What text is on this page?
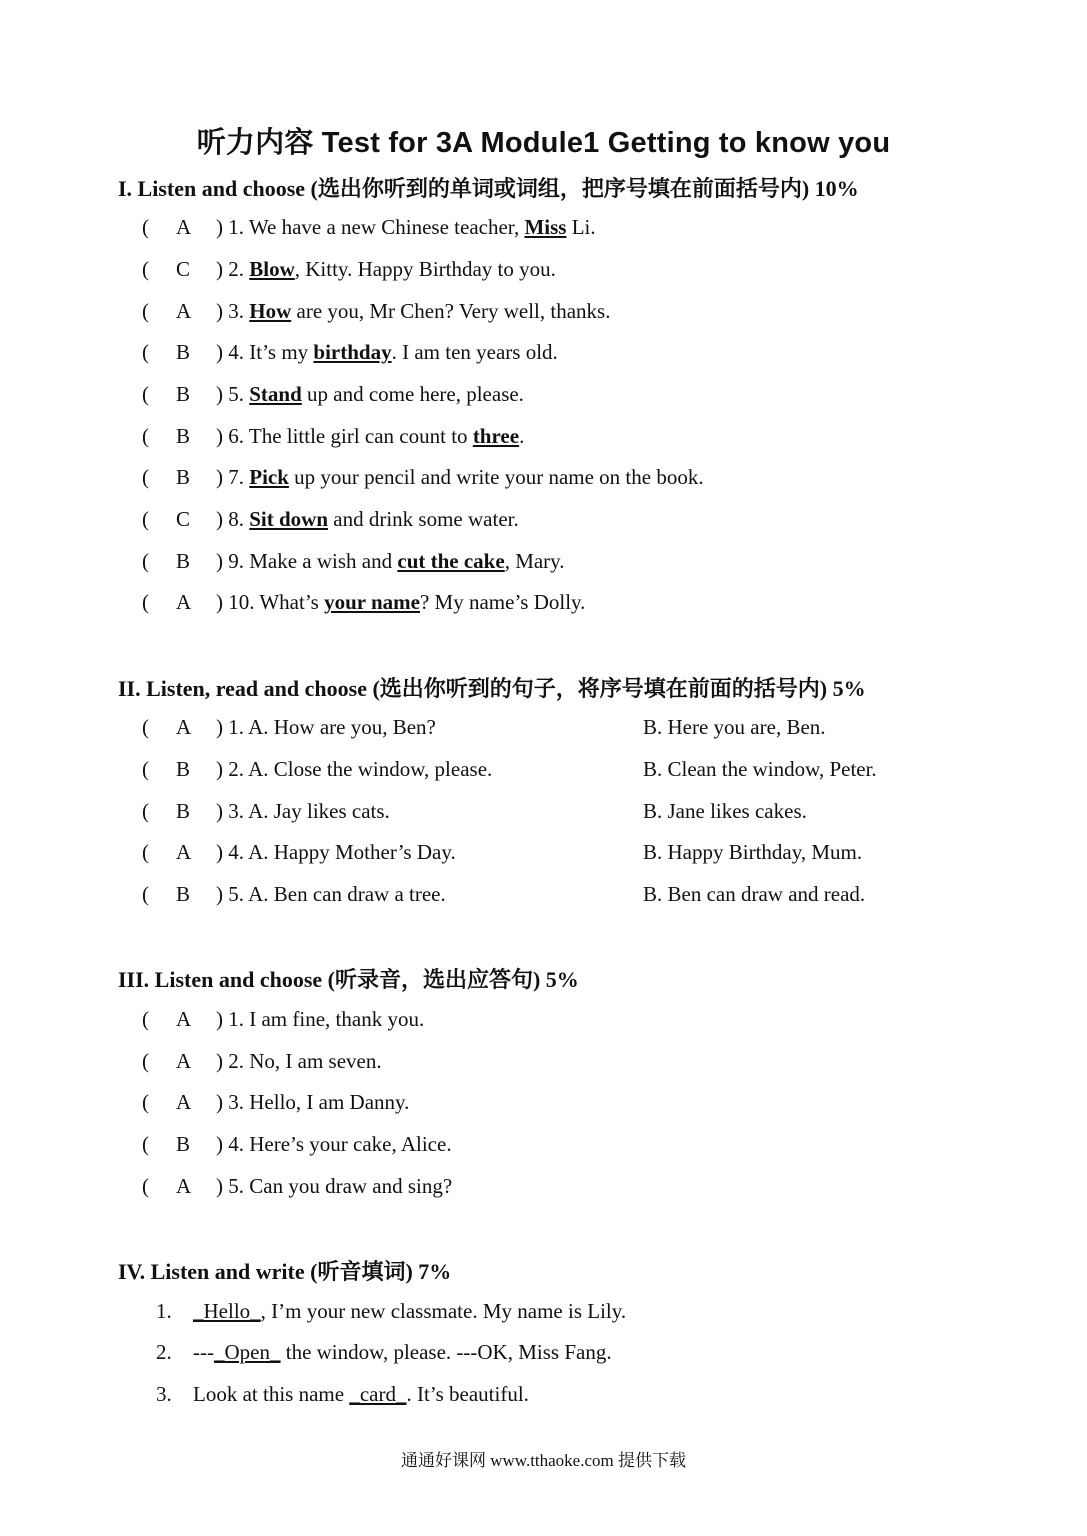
听力内容 Test for 3A Module1 Getting to know you
I. Listen and choose (选出你听到的单词或词组，把序号填在前面括号内) 10%
( A ) 1. We have a new Chinese teacher, Miss Li.
( C ) 2. Blow, Kitty. Happy Birthday to you.
( A ) 3. How are you, Mr Chen? Very well, thanks.
( B ) 4. It’s my birthday. I am ten years old.
( B ) 5. Stand up and come here, please.
( B ) 6. The little girl can count to three.
( B ) 7. Pick up your pencil and write your name on the book.
( C ) 8. Sit down and drink some water.
( B ) 9. Make a wish and cut the cake, Mary.
( A ) 10. What’s your name? My name’s Dolly.
II. Listen, read and choose (选出你听到的句子，将序号填在前面的括号内) 5%
( A ) 1. A. How are you, Ben?	B. Here you are, Ben.
( B ) 2. A. Close the window, please.	B. Clean the window, Peter.
( B ) 3. A. Jay likes cats.	B. Jane likes cakes.
( A ) 4. A. Happy Mother’s Day.	B. Happy Birthday, Mum.
( B ) 5. A. Ben can draw a tree.	B. Ben can draw and read.
III. Listen and choose (听录音，选出应答句) 5%
( A ) 1. I am fine, thank you.
( A ) 2. No, I am seven.
( A ) 3. Hello, I am Danny.
( B ) 4. Here’s your cake, Alice.
( A ) 5. Can you draw and sing?
IV. Listen and write (听音填词) 7%
1. _Hello_, I’m your new classmate. My name is Lily.
2. ---_Open_ the window, please. ---OK, Miss Fang.
3. Look at this name _card_. It’s beautiful.
通通好课网 www.tthaoke.com 提供下载
